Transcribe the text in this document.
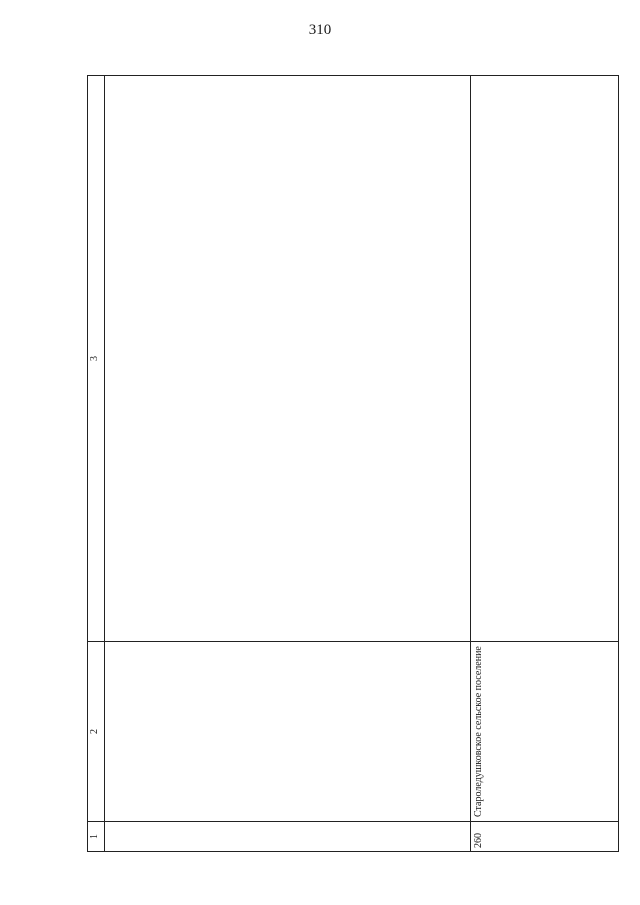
310
1
2
3
260
Староледушковское сельское поселение
